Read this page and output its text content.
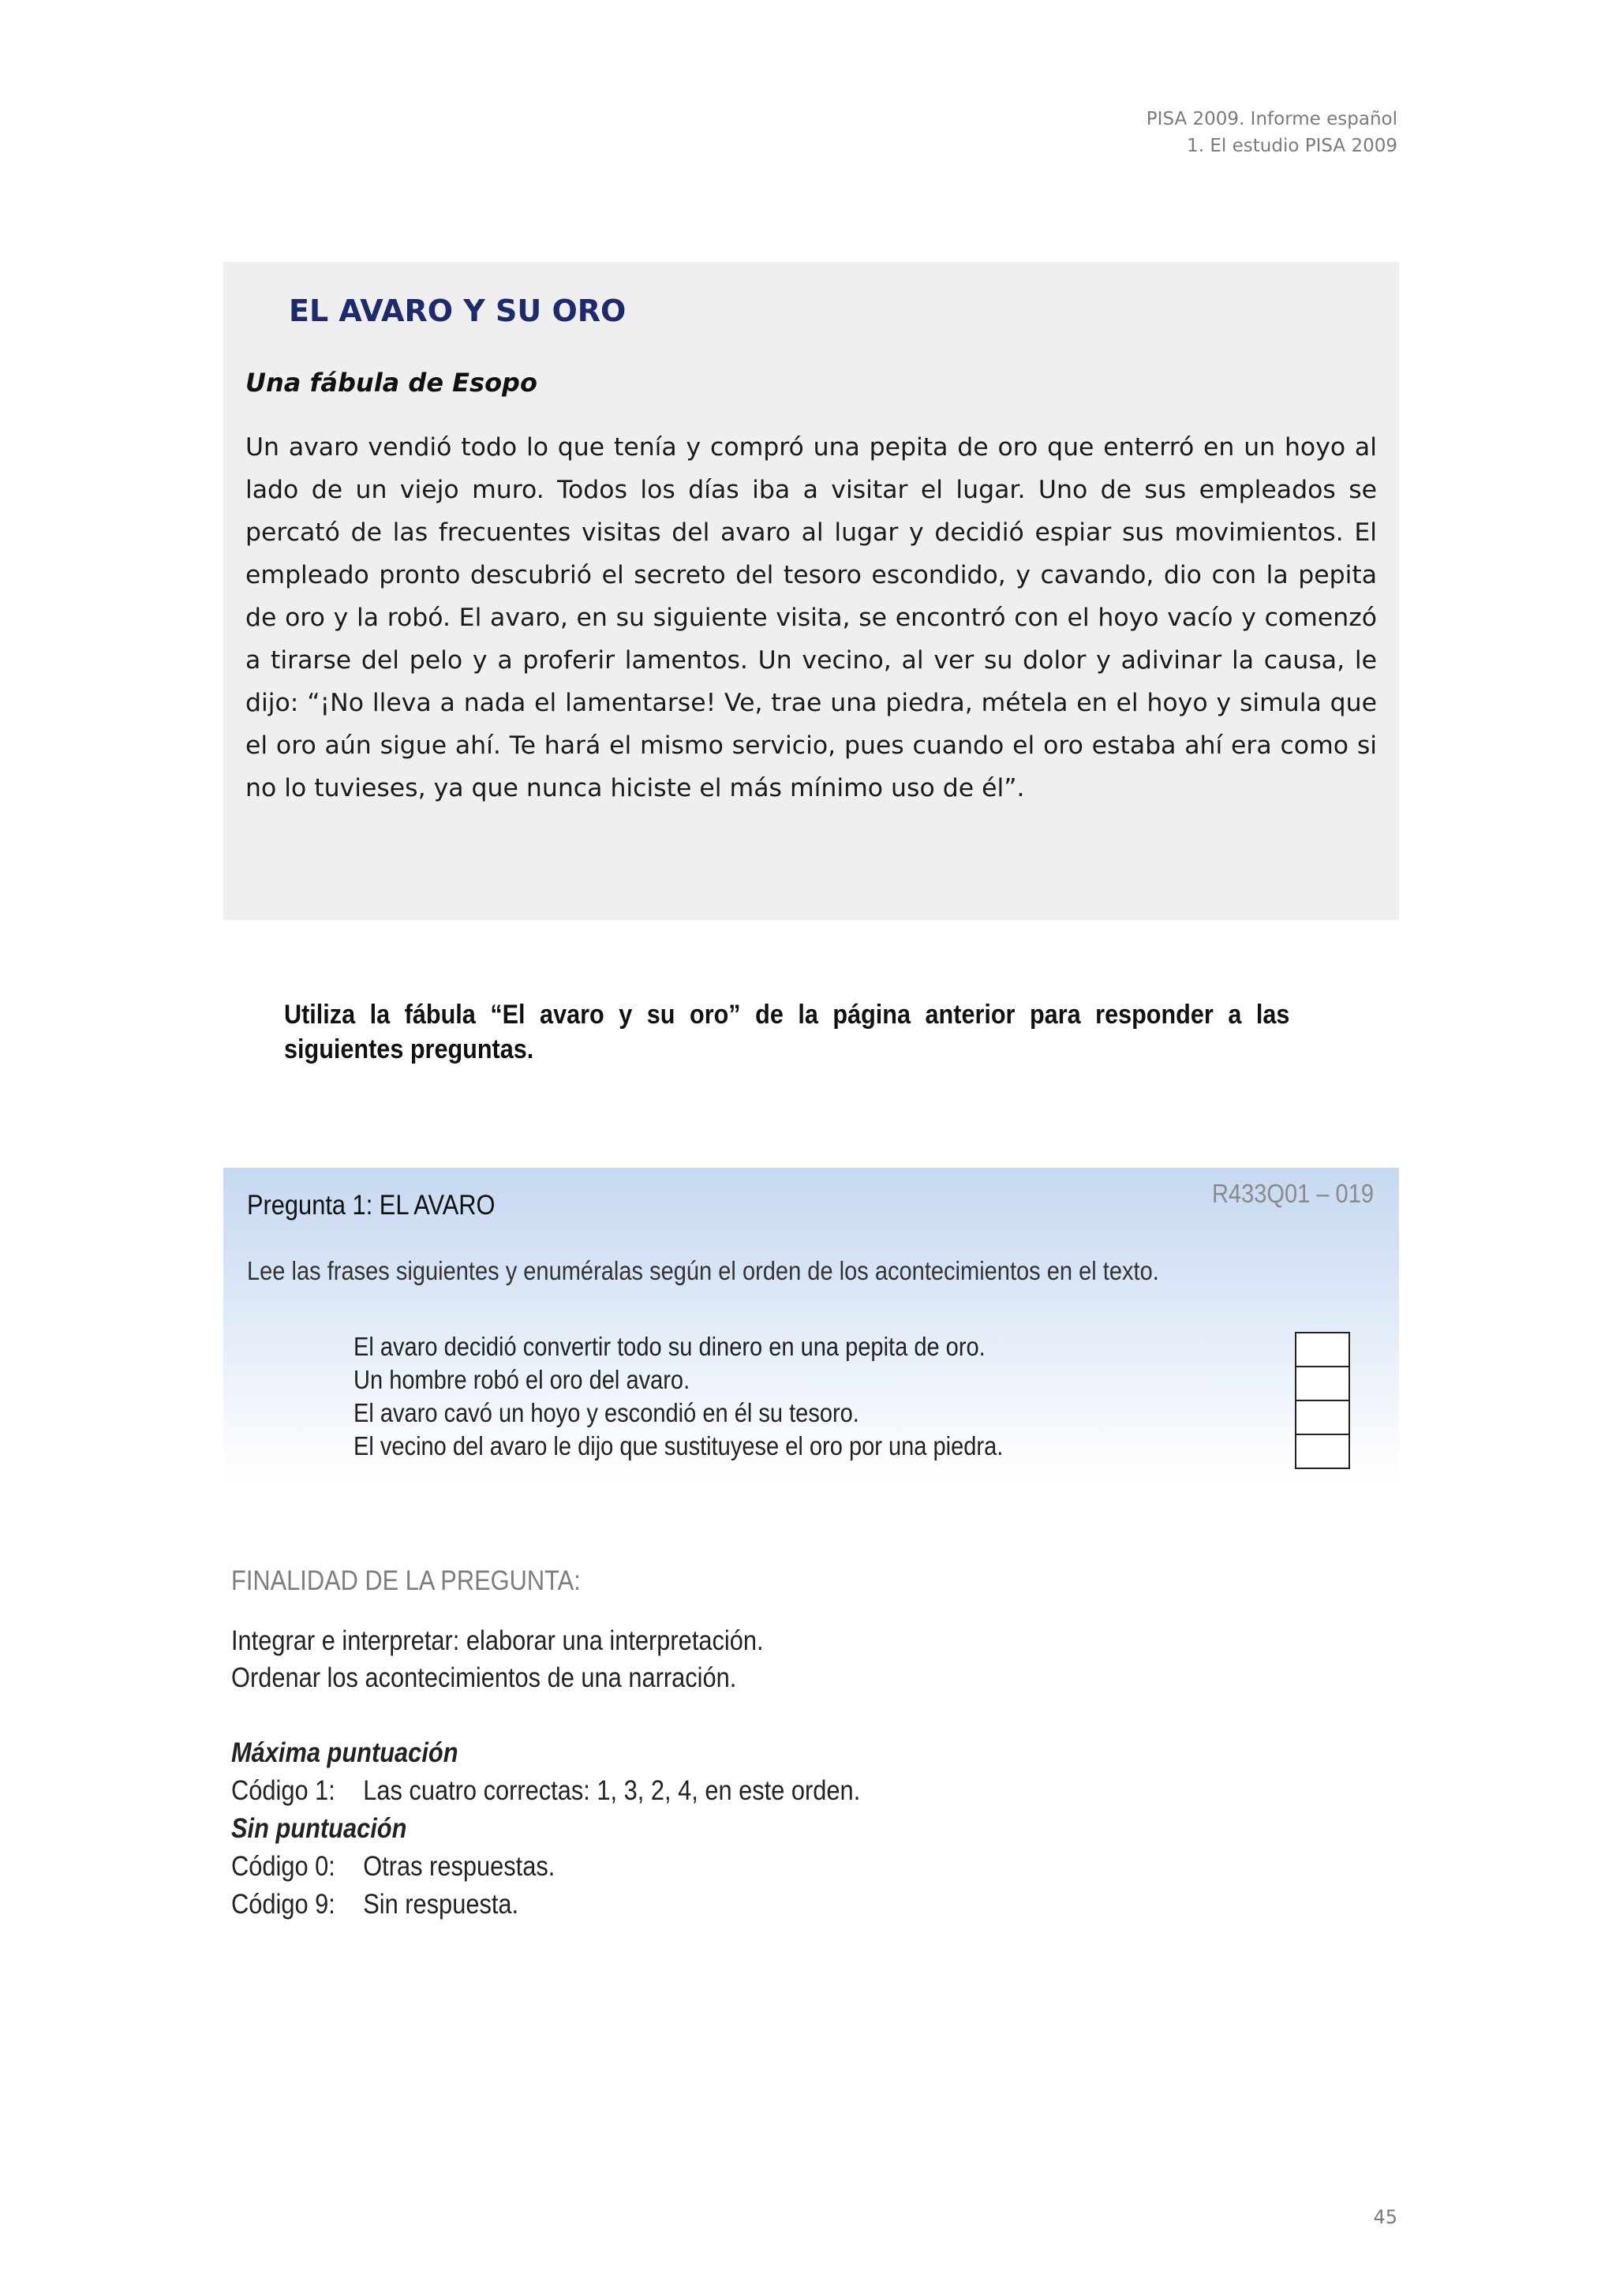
PISA 2009. Informe español
1. El estudio PISA 2009
EL AVARO Y SU ORO

Una fábula de Esopo

Un avaro vendió todo lo que tenía y compró una pepita de oro que enterró en un hoyo al lado de un viejo muro. Todos los días iba a visitar el lugar. Uno de sus empleados se percató de las frecuentes visitas del avaro al lugar y decidió espiar sus movimientos. El empleado pronto descubrió el secreto del tesoro escondido, y cavando, dio con la pepita de oro y la robó. El avaro, en su siguiente visita, se encontró con el hoyo vacío y comenzó a tirarse del pelo y a proferir lamentos. Un vecino, al ver su dolor y adivinar la causa, le dijo: “¡No lleva a nada el lamentarse! Ve, trae una piedra, métela en el hoyo y simula que el oro aún sigue ahí. Te hará el mismo servicio, pues cuando el oro estaba ahí era como si no lo tuvieses, ya que nunca hiciste el más mínimo uso de él”.

Utiliza la fábula “El avaro y su oro” de la página anterior para responder a las siguientes preguntas.
R433Q01 – 019
Pregunta 1: EL AVARO
Lee las frases siguientes y enuméralas según el orden de los acontecimientos en el texto.
El avaro decidió convertir todo su dinero en una pepita de oro.
Un hombre robó el oro del avaro.
El avaro cavó un hoyo y escondió en él su tesoro.
El vecino del avaro le dijo que sustituyese el oro por una piedra.
FINALIDAD DE LA PREGUNTA:
Integrar e interpretar: elaborar una interpretación.
Ordenar los acontecimientos de una narración.
Máxima puntuación
Código 1:	Las cuatro correctas: 1, 3, 2, 4, en este orden.
Sin puntuación
Código 0:	Otras respuestas.
Código 9:	Sin respuesta.
45
